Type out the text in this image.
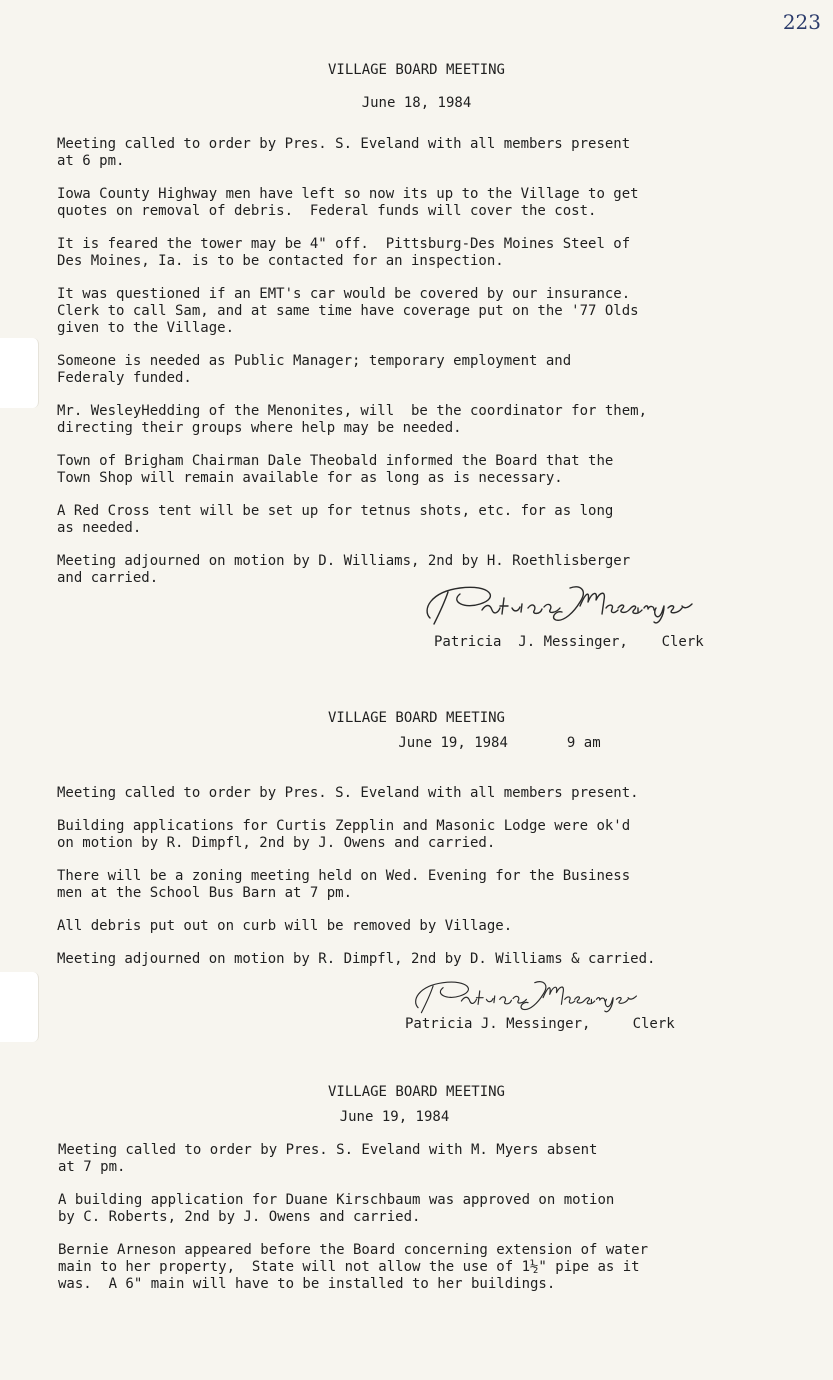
223
VILLAGE BOARD MEETING
June 18, 1984
Meeting called to order by Pres. S. Eveland with all members present
at 6 pm.
Iowa County Highway men have left so now its up to the Village to get
quotes on removal of debris.  Federal funds will cover the cost.
It is feared the tower may be 4" off.  Pittsburg-Des Moines Steel of
Des Moines, Ia. is to be contacted for an inspection.
It was questioned if an EMT's car would be covered by our insurance.
Clerk to call Sam, and at same time have coverage put on the '77 Olds
given to the Village.
Someone is needed as Public Manager; temporary employment and
Federaly funded.
Mr. WesleyHedding of the Menonites, will  be the coordinator for them,
directing their groups where help may be needed.
Town of Brigham Chairman Dale Theobald informed the Board that the
Town Shop will remain available for as long as is necessary.
A Red Cross tent will be set up for tetnus shots, etc. for as long
as needed.
Meeting adjourned on motion by D. Williams, 2nd by H. Roethlisberger
and carried.
Patricia  J. Messinger,    Clerk
VILLAGE BOARD MEETING
June 19, 1984       9 am
Meeting called to order by Pres. S. Eveland with all members present.
Building applications for Curtis Zepplin and Masonic Lodge were ok'd
on motion by R. Dimpfl, 2nd by J. Owens and carried.
There will be a zoning meeting held on Wed. Evening for the Business
men at the School Bus Barn at 7 pm.
All debris put out on curb will be removed by Village.
Meeting adjourned on motion by R. Dimpfl, 2nd by D. Williams & carried.
Patricia J. Messinger,     Clerk
VILLAGE BOARD MEETING
June 19, 1984
Meeting called to order by Pres. S. Eveland with M. Myers absent
at 7 pm.
A building application for Duane Kirschbaum was approved on motion
by C. Roberts, 2nd by J. Owens and carried.
Bernie Arneson appeared before the Board concerning extension of water
main to her property,  State will not allow the use of 1½" pipe as it
was.  A 6" main will have to be installed to her buildings.
